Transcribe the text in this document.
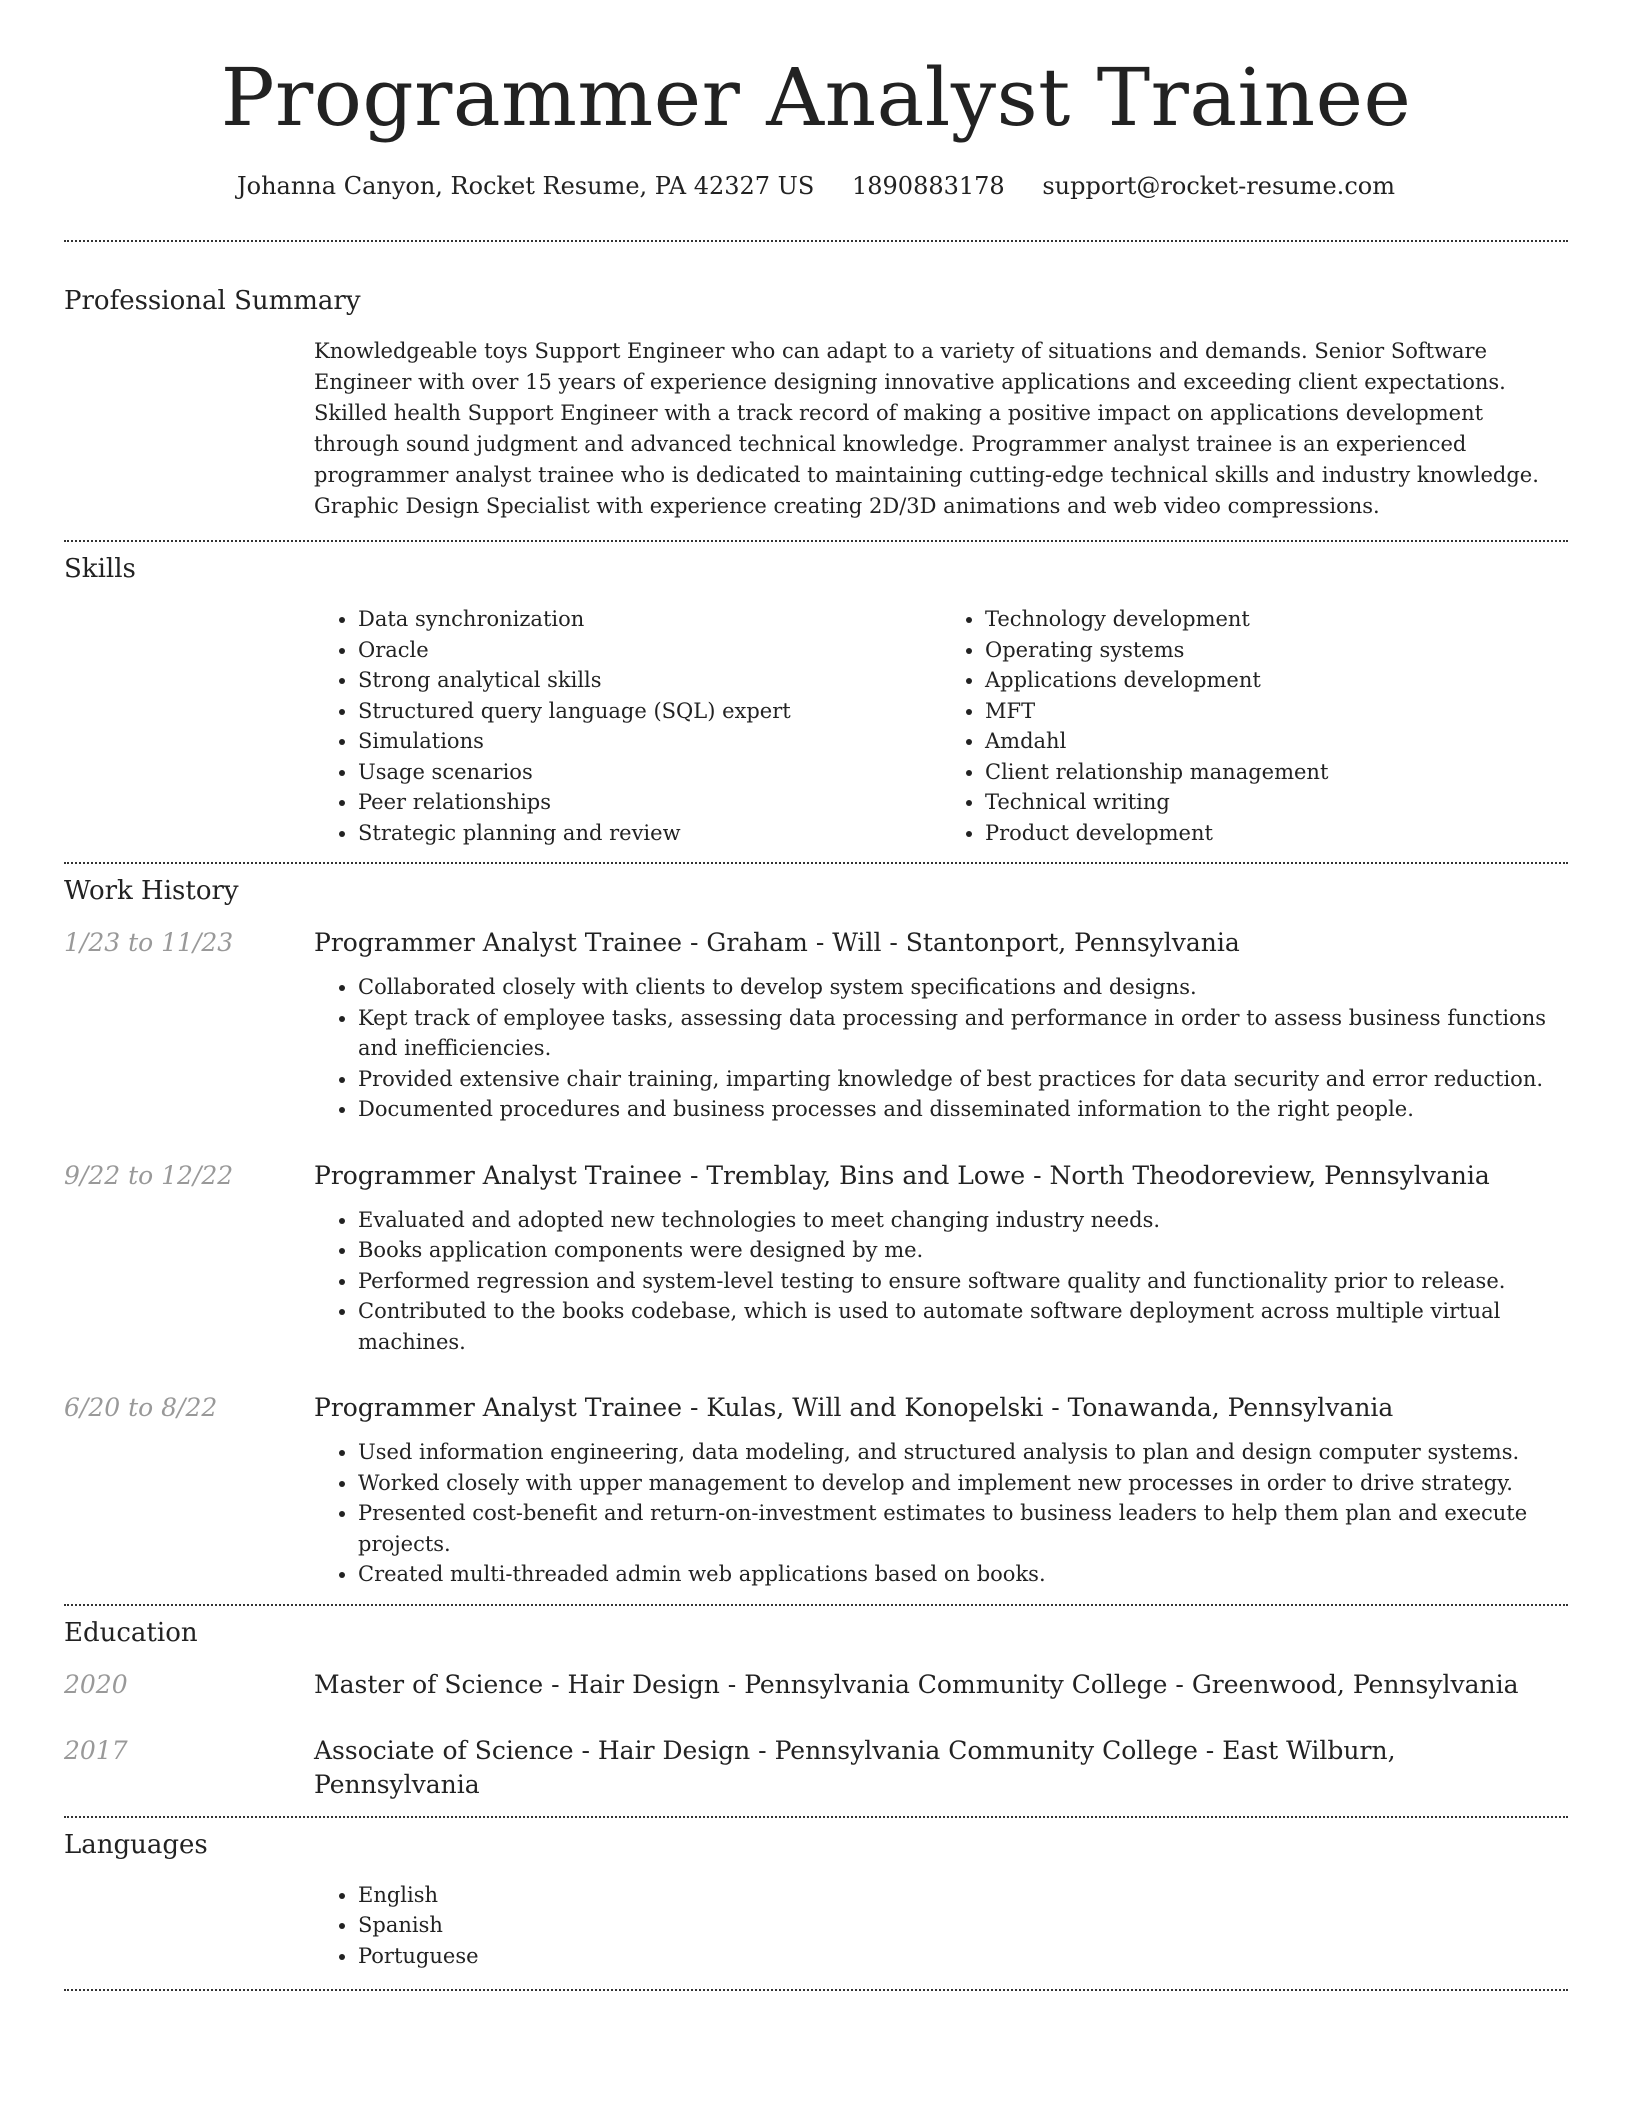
Programmer Analyst Trainee
Johanna Canyon, Rocket Resume, PA 42327 US 1890883178 support@rocket-resume.com
Professional Summary

Knowledgeable toys Support Engineer who can adapt to a variety of situations and demands. Senior Software Engineer with over 15 years of experience designing innovative applications and exceeding client expectations. Skilled health Support Engineer with a track record of making a positive impact on applications development through sound judgment and advanced technical knowledge. Programmer analyst trainee is an experienced programmer analyst trainee who is dedicated to maintaining cutting-edge technical skills and industry knowledge. Graphic Design Specialist with experience creating 2D/3D animations and web video compressions.

Skills
• Data synchronization
• Oracle
• Strong analytical skills
• Structured query language (SQL) expert
• Simulations
• Usage scenarios
• Peer relationships
• Strategic planning and review
• Technology development
• Operating systems
• Applications development
• MFT
• Amdahl
• Client relationship management
• Technical writing
• Product development
Work History
1/23 to 11/23	Programmer Analyst Trainee - Graham - Will - Stantonport, Pennsylvania
• Collaborated closely with clients to develop system specifications and designs.
• Kept track of employee tasks, assessing data processing and performance in order to assess business functions and inefficiencies.
• Provided extensive chair training, imparting knowledge of best practices for data security and error reduction.
• Documented procedures and business processes and disseminated information to the right people.
9/22 to 12/22	Programmer Analyst Trainee - Tremblay, Bins and Lowe - North Theodoreview, Pennsylvania
• Evaluated and adopted new technologies to meet changing industry needs.
• Books application components were designed by me.
• Performed regression and system-level testing to ensure software quality and functionality prior to release.
• Contributed to the books codebase, which is used to automate software deployment across multiple virtual machines.
6/20 to 8/22	Programmer Analyst Trainee - Kulas, Will and Konopelski - Tonawanda, Pennsylvania
• Used information engineering, data modeling, and structured analysis to plan and design computer systems.
• Worked closely with upper management to develop and implement new processes in order to drive strategy.
• Presented cost-benefit and return-on-investment estimates to business leaders to help them plan and execute projects.
• Created multi-threaded admin web applications based on books.
Education
2020	Master of Science - Hair Design - Pennsylvania Community College - Greenwood, Pennsylvania
2017	Associate of Science - Hair Design - Pennsylvania Community College - East Wilburn, Pennsylvania
Languages
• English
• Spanish
• Portuguese
